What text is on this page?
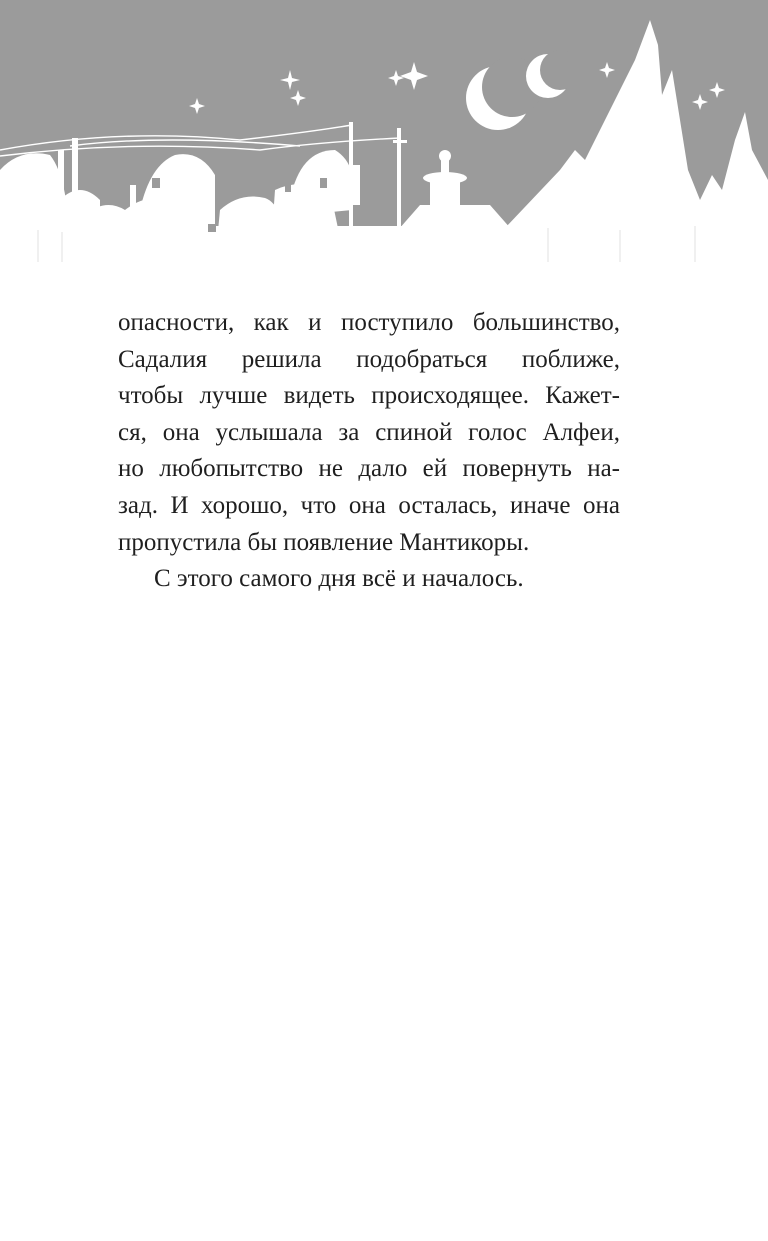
опасности, как и поступило большинство,
Садалия решила подобраться поближе,
чтобы лучше видеть происходящее. Кажет-
ся, она услышала за спиной голос Алфеи,
но любопытство не дало ей повернуть на-
зад. И хорошо, что она осталась, иначе она
пропустила бы появление Мантикоры.
С этого самого дня всё и началось.
